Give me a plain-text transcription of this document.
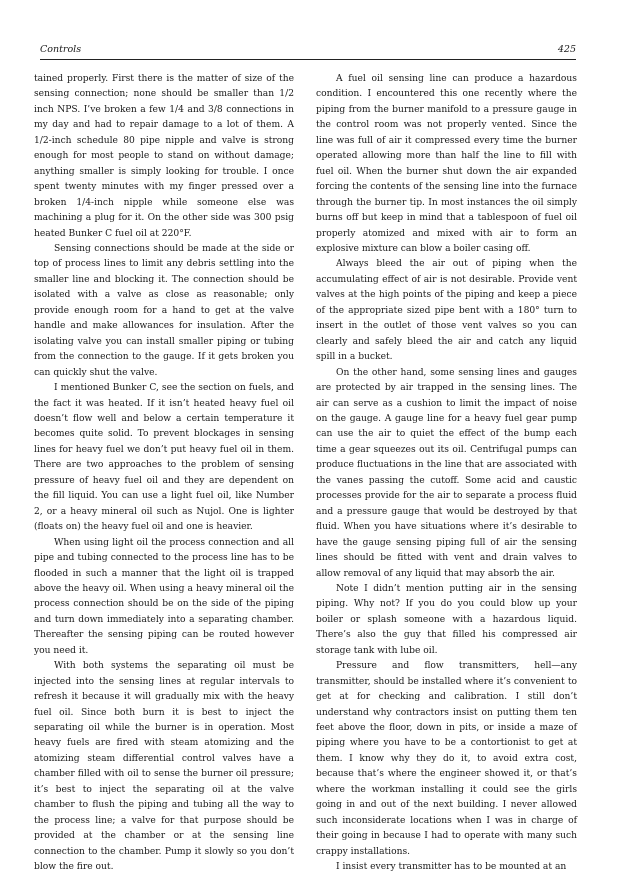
Controls	425

tained properly. First there is the matter of size of the sensing connection; none should be smaller than 1/2 inch NPS. I’ve broken a few 1/4 and 3/8 connections in my day and had to repair damage to a lot of them. A 1/2-inch schedule 80 pipe nipple and valve is strong enough for most people to stand on without damage; anything smaller is simply looking for trouble. I once spent twenty minutes with my finger pressed over a broken 1/4-inch nipple while someone else was machining a plug for it. On the other side was 300 psig heated Bunker C fuel oil at 220°F.

Sensing connections should be made at the side or top of process lines to limit any debris settling into the smaller line and blocking it. The connection should be isolated with a valve as close as reasonable; only provide enough room for a hand to get at the valve handle and make allowances for insulation. After the isolating valve you can install smaller piping or tubing from the connection to the gauge. If it gets broken you can quickly shut the valve.

I mentioned Bunker C, see the section on fuels, and the fact it was heated. If it isn’t heated heavy fuel oil doesn’t flow well and below a certain temperature it becomes quite solid. To prevent blockages in sensing lines for heavy fuel we don’t put heavy fuel oil in them. There are two approaches to the problem of sensing pressure of heavy fuel oil and they are dependent on the fill liquid. You can use a light fuel oil, like Number 2, or a heavy mineral oil such as Nujol. One is lighter (floats on) the heavy fuel oil and one is heavier.

When using light oil the process connection and all pipe and tubing connected to the process line has to be flooded in such a manner that the light oil is trapped above the heavy oil. When using a heavy mineral oil the process connection should be on the side of the piping and turn down immediately into a separating chamber. Thereafter the sensing piping can be routed however you need it.

With both systems the separating oil must be injected into the sensing lines at regular intervals to refresh it because it will gradually mix with the heavy fuel oil. Since both burn it is best to inject the separating oil while the burner is in operation. Most heavy fuels are fired with steam atomizing and the atomizing steam differential control valves have a chamber filled with oil to sense the burner oil pressure; it’s best to inject the separating oil at the valve chamber to flush the piping and tubing all the way to the process line; a valve for that purpose should be provided at the chamber or at the sensing line connection to the chamber. Pump it slowly so you don’t blow the fire out.

A fuel oil sensing line can produce a hazardous condition. I encountered this one recently where the piping from the burner manifold to a pressure gauge in the control room was not properly vented. Since the line was full of air it compressed every time the burner operated allowing more than half the line to fill with fuel oil. When the burner shut down the air expanded forcing the contents of the sensing line into the furnace through the burner tip. In most instances the oil simply burns off but keep in mind that a tablespoon of fuel oil properly atomized and mixed with air to form an explosive mixture can blow a boiler casing off.

Always bleed the air out of piping when the accumulating effect of air is not desirable. Provide vent valves at the high points of the piping and keep a piece of the appropriate sized pipe bent with a 180° turn to insert in the outlet of those vent valves so you can clearly and safely bleed the air and catch any liquid spill in a bucket.

On the other hand, some sensing lines and gauges are protected by air trapped in the sensing lines. The air can serve as a cushion to limit the impact of noise on the gauge. A gauge line for a heavy fuel gear pump can use the air to quiet the effect of the bump each time a gear squeezes out its oil. Centrifugal pumps can produce fluctuations in the line that are associated with the vanes passing the cutoff. Some acid and caustic processes provide for the air to separate a process fluid and a pressure gauge that would be destroyed by that fluid. When you have situations where it’s desirable to have the gauge sensing piping full of air the sensing lines should be fitted with vent and drain valves to allow removal of any liquid that may absorb the air.

Note I didn’t mention putting air in the sensing piping. Why not? If you do you could blow up your boiler or splash someone with a hazardous liquid. There’s also the guy that filled his compressed air storage tank with lube oil.

Pressure and flow transmitters, hell—any transmitter, should be installed where it’s convenient to get at for checking and calibration. I still don’t understand why contractors insist on putting them ten feet above the floor, down in pits, or inside a maze of piping where you have to be a contortionist to get at them. I know why they do it, to avoid extra cost, because that’s where the engineer showed it, or that’s where the workman installing it could see the girls going in and out of the next building. I never allowed such inconsiderate locations when I was in charge of their going in because I had to operate with many such crappy installations.

I insist every transmitter has to be mounted at an
